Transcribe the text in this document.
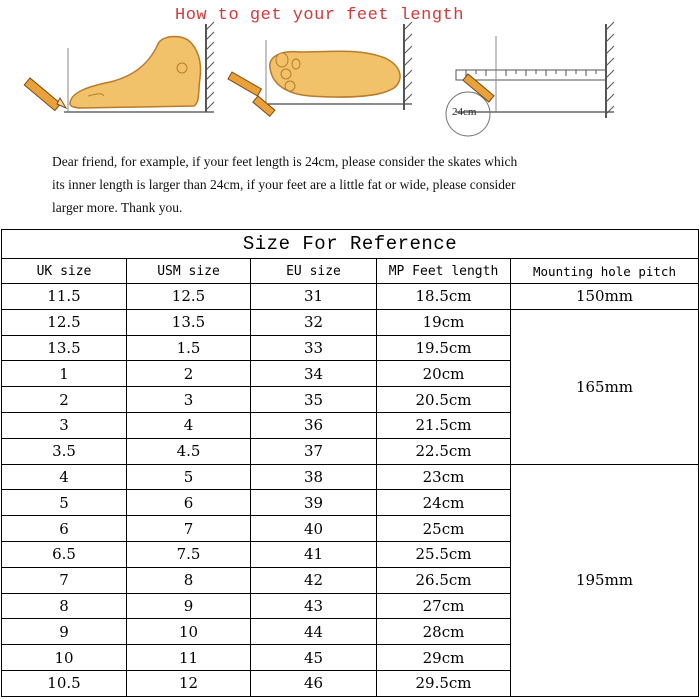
How to get your feet length
24cm
Dear friend, for example, if your feet length is 24cm, please consider the skates which
its inner length is larger than 24cm, if your feet are a little fat or wide, please consider
larger more. Thank you.
Size For Reference				
UK size	USM size	EU size	MP Feet length	Mounting hole pitch
11.5	12.5	31	18.5cm	150mm
12.5	13.5	32	19cm	165mm
13.5	1.5	33	19.5cm	
1	2	34	20cm	
2	3	35	20.5cm	
3	4	36	21.5cm	
3.5	4.5	37	22.5cm	
4	5	38	23cm	195mm
5	6	39	24cm	
6	7	40	25cm	
6.5	7.5	41	25.5cm	
7	8	42	26.5cm	
8	9	43	27cm	
9	10	44	28cm	
10	11	45	29cm	
10.5	12	46	29.5cm	
